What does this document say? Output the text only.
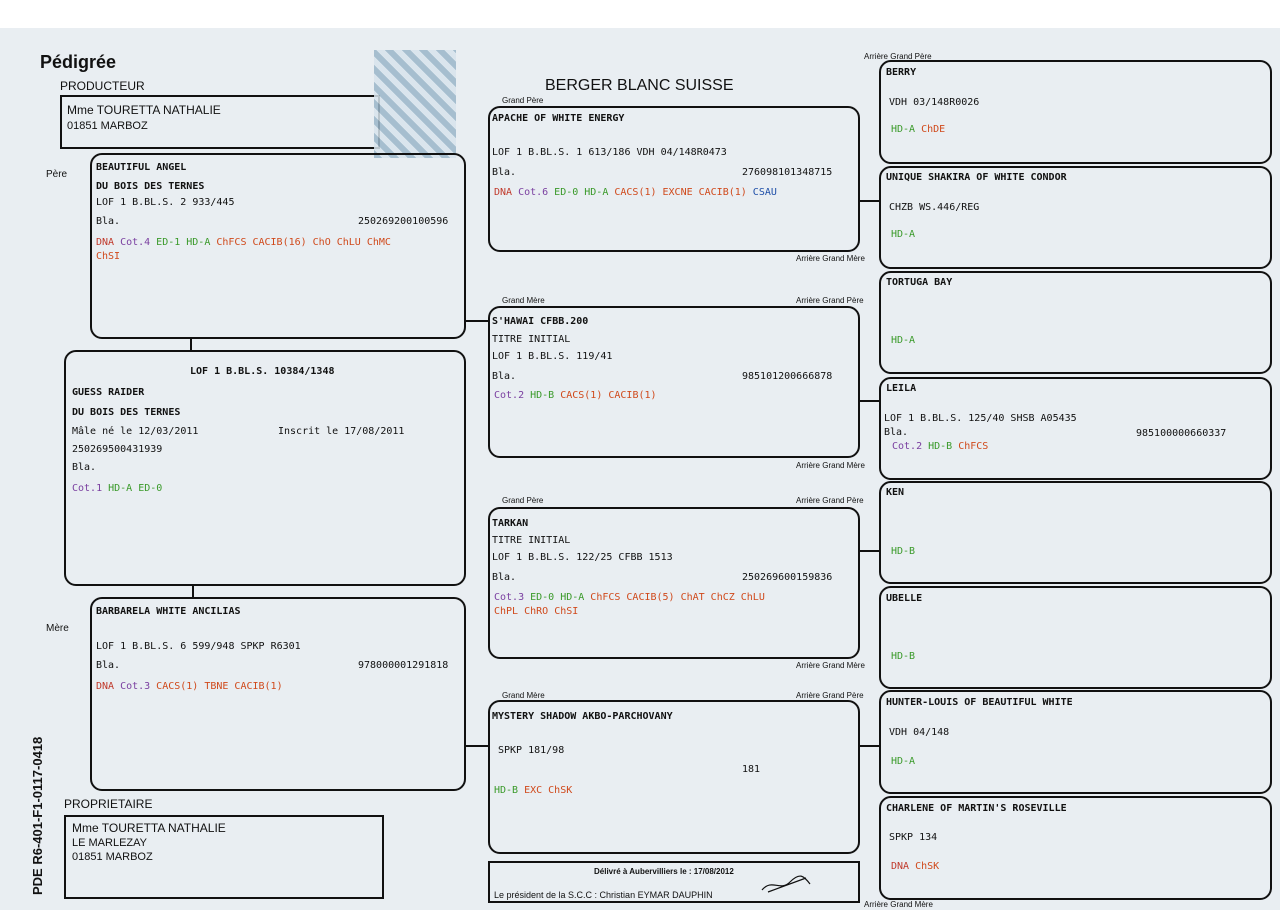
Pédigrée
PRODUCTEUR
Mme TOURETTA NATHALIE
01851 MARBOZ
BERGER BLANC SUISSE
Père
Mère
BEAUTIFUL ANGEL
DU BOIS DES TERNES
LOF 1 B.BL.S. 2 933/445
Bla.	250269200100596
DNA Cot.4 ED-1 HD-A ChFCS CACIB(16) ChO ChLU ChMC
ChSI
LOF 1 B.BL.S. 10384/1348
GUESS RAIDER
DU BOIS DES TERNES
Mâle né le 12/03/2011	Inscrit le 17/08/2011
250269500431939
Bla.
Cot.1 HD-A ED-0
BARBARELA WHITE ANCILIAS
LOF 1 B.BL.S. 6 599/948 SPKP R6301
Bla.	978000001291818
DNA Cot.3 CACS(1) TBNE CACIB(1)
PROPRIETAIRE
Mme TOURETTA NATHALIE
LE MARLEZAY
01851 MARBOZ
PDE R6-401-F1-0117-0418
Grand Père
Grand Mère
Grand Père
Grand Mère
Arrière Grand Mère
Arrière Grand Père
Arrière Grand Mère
Arrière Grand Père
Arrière Grand Mère
Arrière Grand Père
Arrière Grand Père
Arrière Grand Mère
APACHE OF WHITE ENERGY
LOF 1 B.BL.S. 1 613/186 VDH 04/148R0473
Bla.	276098101348715
DNA Cot.6 ED-0 HD-A CACS(1) EXCNE CACIB(1) CSAU
S'HAWAI CFBB.200
TITRE INITIAL
LOF 1 B.BL.S. 119/41
Bla.	985101200666878
Cot.2 HD-B CACS(1) CACIB(1)
TARKAN
TITRE INITIAL
LOF 1 B.BL.S. 122/25 CFBB 1513
Bla.	250269600159836
Cot.3 ED-0 HD-A ChFCS CACIB(5) ChAT ChCZ ChLU
ChPL ChRO ChSI
MYSTERY SHADOW AKBO-PARCHOVANY
SPKP 181/98
181
HD-B EXC ChSK
Délivré à Aubervilliers le : 17/08/2012
Le président de la S.C.C : Christian EYMAR DAUPHIN
BERRY
VDH 03/148R0026
HD-A ChDE
UNIQUE SHAKIRA OF WHITE CONDOR
CHZB WS.446/REG
HD-A
TORTUGA BAY
HD-A
LEILA
LOF 1 B.BL.S. 125/40 SHSB A05435
Bla.	985100000660337
Cot.2 HD-B ChFCS
KEN
HD-B
UBELLE
HD-B
HUNTER-LOUIS OF BEAUTIFUL WHITE
VDH 04/148
HD-A
CHARLENE OF MARTIN'S ROSEVILLE
SPKP 134
DNA ChSK
